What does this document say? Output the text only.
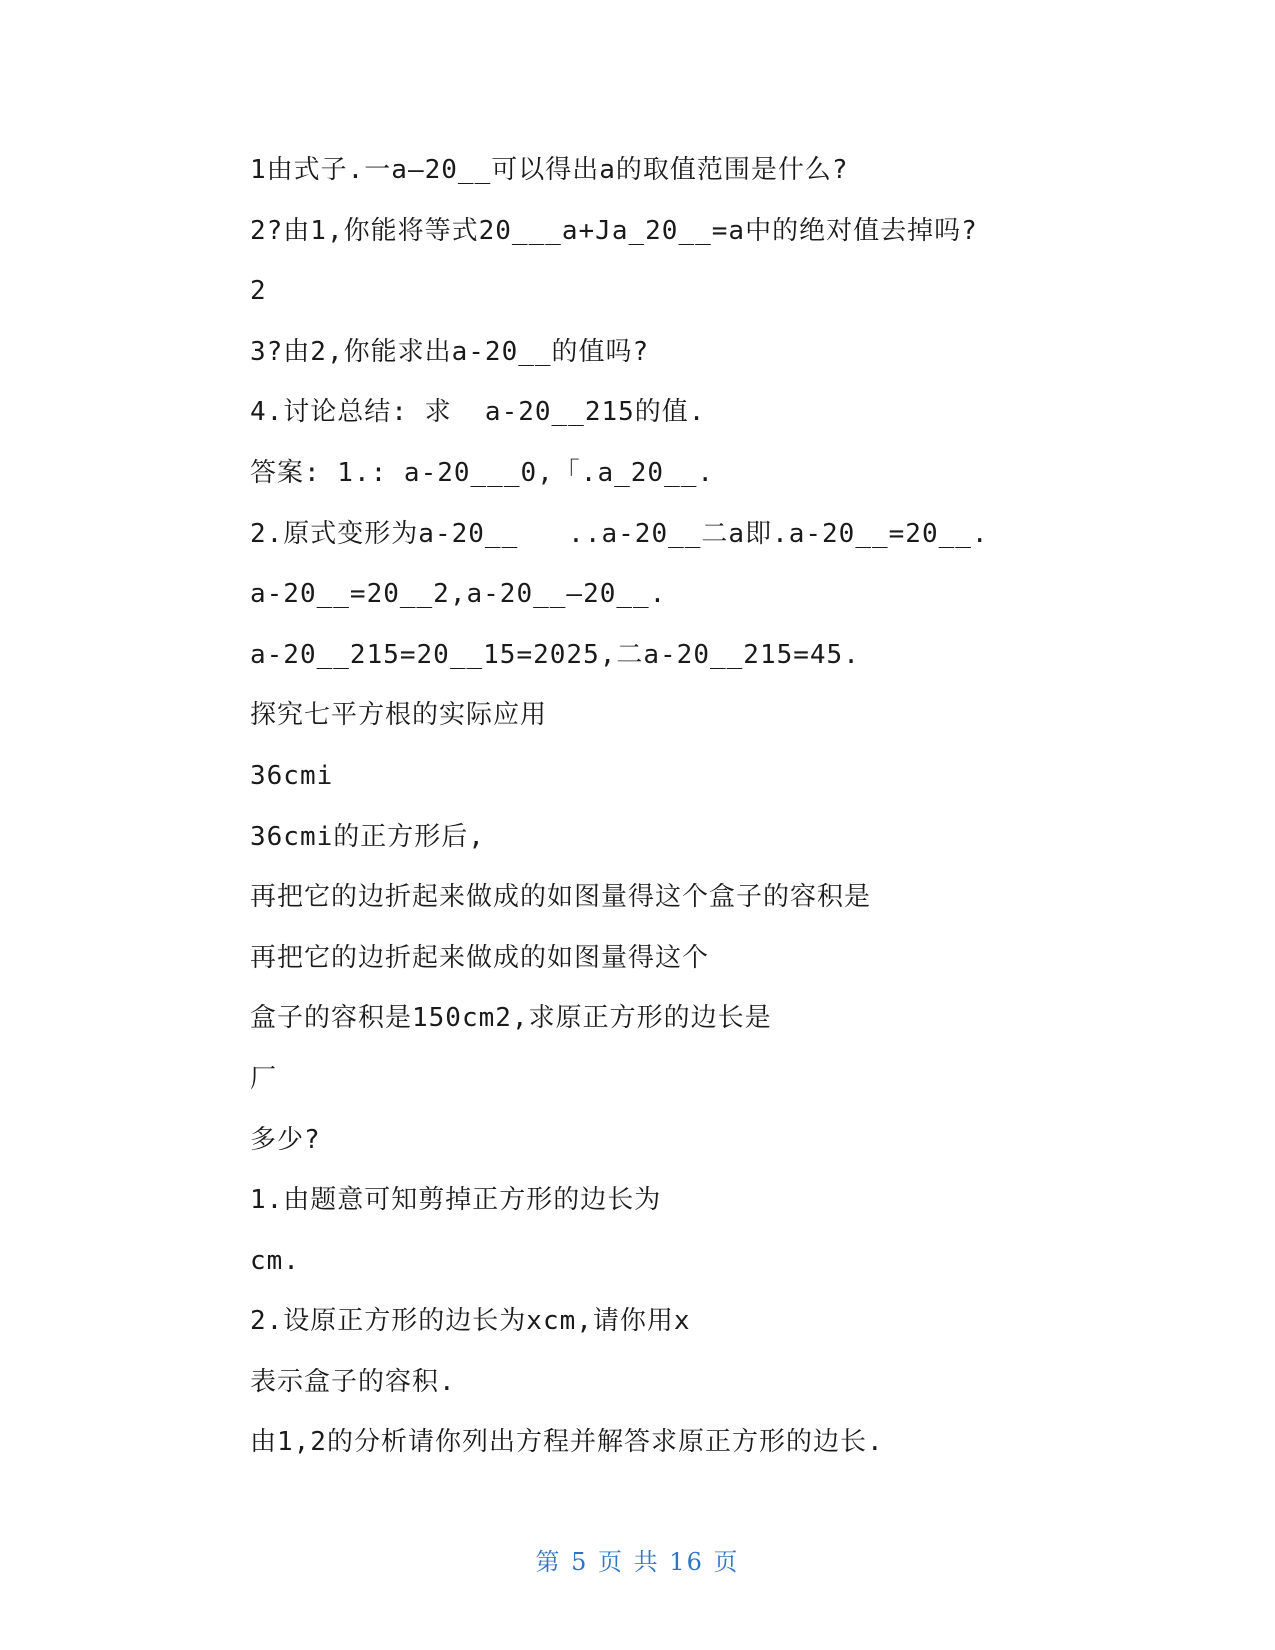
1由式子.一a—20__可以得出a的取值范围是什么?
2?由1,你能将等式20___a+Ja_20__=a中的绝对值去掉吗?
2
3?由2,你能求出a-20__的值吗?
4.讨论总结: 求  a-20__215的值.
答案: 1.: a-20___0,「.a_20__.
2.原式变形为a-20__   ..a-20__二a即.a-20__=20__.
a-20__=20__2,a-20__—20__.
a-20__215=20__15=2025,二a-20__215=45.
探究七平方根的实际应用
36cmi
36cmi的正方形后,
再把它的边折起来做成的如图量得这个盒子的容积是
再把它的边折起来做成的如图量得这个
盒子的容积是150cm2,求原正方形的边长是
厂
多少?
1.由题意可知剪掉正方形的边长为
cm.
2.设原正方形的边长为xcm,请你用x
表示盒子的容积.
由1,2的分析请你列出方程并解答求原正方形的边长.
第 5 页 共 16 页
